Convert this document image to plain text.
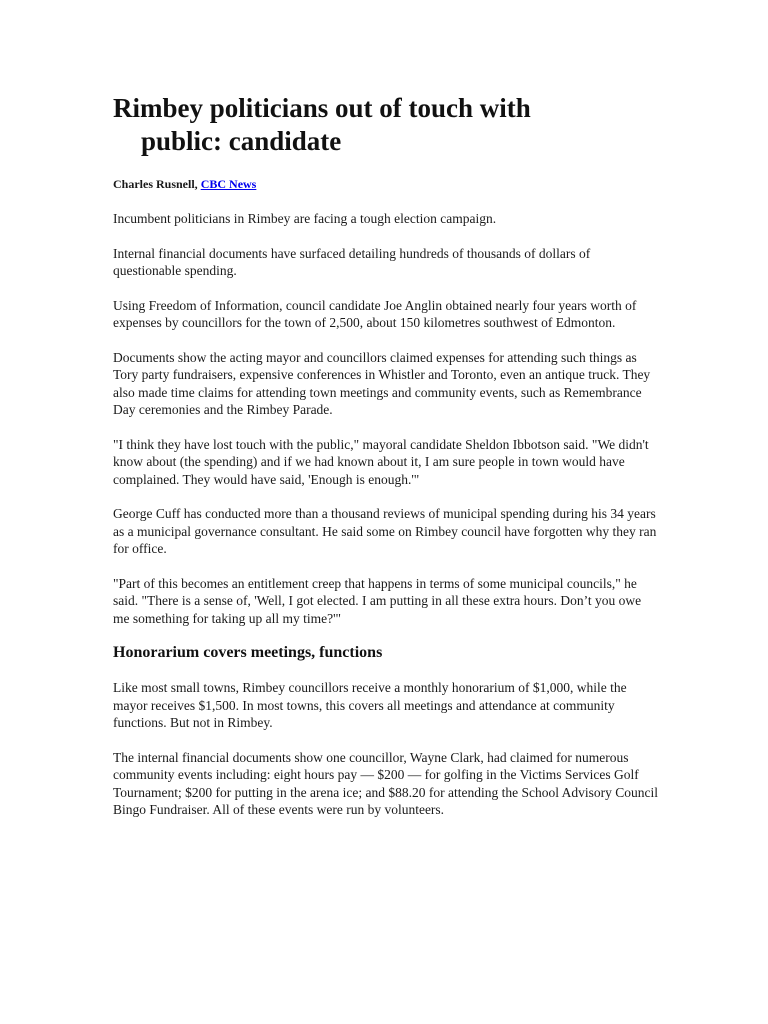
Rimbey politicians out of touch with
public: candidate

Charles Rusnell, CBC News

Incumbent politicians in Rimbey are facing a tough election campaign.

Internal financial documents have surfaced detailing hundreds of thousands of dollars of questionable spending.

Using Freedom of Information, council candidate Joe Anglin obtained nearly four years worth of expenses by councillors for the town of 2,500, about 150 kilometres southwest of Edmonton.

Documents show the acting mayor and councillors claimed expenses for attending such things as Tory party fundraisers, expensive conferences in Whistler and Toronto, even an antique truck. They also made time claims for attending town meetings and community events, such as Remembrance Day ceremonies and the Rimbey Parade.

"I think they have lost touch with the public," mayoral candidate Sheldon Ibbotson said. "We didn't know about (the spending) and if we had known about it, I am sure people in town would have complained. They would have said, 'Enough is enough.'"

George Cuff has conducted more than a thousand reviews of municipal spending during his 34 years as a municipal governance consultant. He said some on Rimbey council have forgotten why they ran for office.

"Part of this becomes an entitlement creep that happens in terms of some municipal councils," he said. "There is a sense of, 'Well, I got elected. I am putting in all these extra hours. Don’t you owe me something for taking up all my time?'"

Honorarium covers meetings, functions

Like most small towns, Rimbey councillors receive a monthly honorarium of $1,000, while the mayor receives $1,500. In most towns, this covers all meetings and attendance at community functions. But not in Rimbey.

The internal financial documents show one councillor, Wayne Clark, had claimed for numerous community events including: eight hours pay — $200 — for golfing in the Victims Services Golf Tournament; $200 for putting in the arena ice; and $88.20 for attending the School Advisory Council Bingo Fundraiser. All of these events were run by volunteers.
